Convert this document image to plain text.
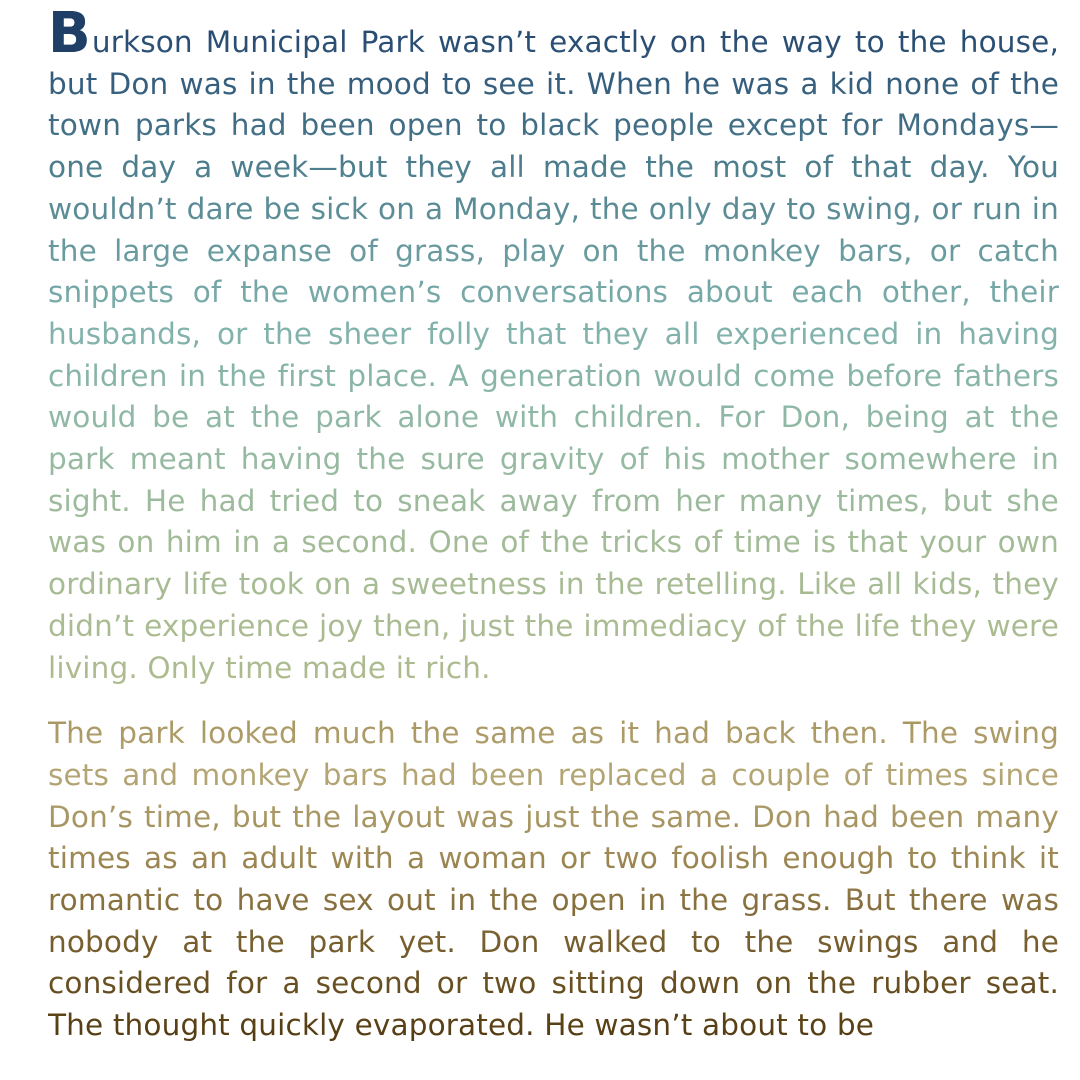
Burkson Municipal Park wasn’t exactly on the way to the house, but Don was in the mood to see it. When he was a kid none of the town parks had been open to black people except for Mondays—one day a week—but they all made the most of that day. You wouldn’t dare be sick on a Monday, the only day to swing, or run in the large expanse of grass, play on the monkey bars, or catch snippets of the women’s conversations about each other, their husbands, or the sheer folly that they all experienced in having children in the first place. A generation would come before fathers would be at the park alone with children. For Don, being at the park meant having the sure gravity of his mother somewhere in sight. He had tried to sneak away from her many times, but she was on him in a second. One of the tricks of time is that your own ordinary life took on a sweetness in the retelling. Like all kids, they didn’t experience joy then, just the immediacy of the life they were living. Only time made it rich.

The park looked much the same as it had back then. The swing sets and monkey bars had been replaced a couple of times since Don’s time, but the layout was just the same. Don had been many times as an adult with a woman or two foolish enough to think it romantic to have sex out in the open in the grass. But there was nobody at the park yet. Don walked to the swings and he considered for a second or two sitting down on the rubber seat. The thought quickly evaporated. He wasn’t about to be
